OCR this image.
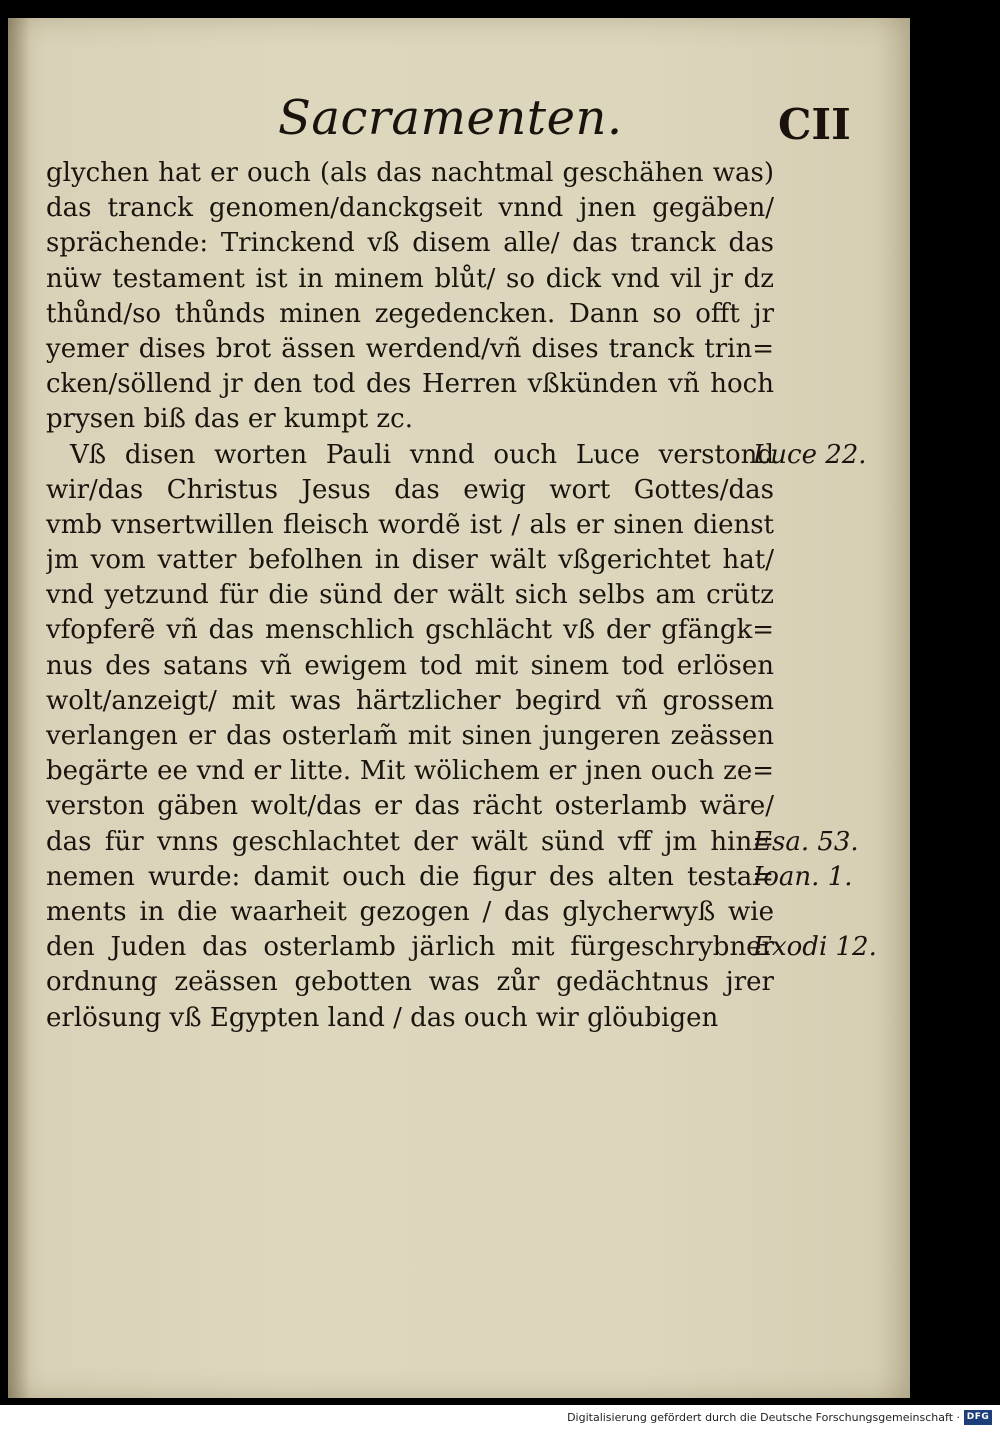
Sacramenten.	CII
glychen hat er ouch (als das nachtmal geschähen was)
das tranck genomen/danckgseit vnnd jnen gegäben/
sprächende: Trinckend vß disem alle/ das tranck das
nüw testament ist in minem blůt/ so dick vnd vil jr dz
thůnd/so thůnds minen zegedencken. Dann so offt jr
yemer dises brot ässen werdend/vñ dises tranck trin=
cken/söllend jr den tod des Herren vßkünden vñ hoch
prysen biß das er kumpt zc.
Vß disen worten Pauli vnnd ouch Luce verstond
wir/das Christus Jesus das ewig wort Gottes/das
vmb vnsertwillen fleisch wordẽ ist / als er sinen dienst
jm vom vatter befolhen in diser wält vßgerichtet hat/
vnd yetzund für die sünd der wält sich selbs am crütz
vfopferẽ vñ das menschlich gschlächt vß der gfängk=
nus des satans vñ ewigem tod mit sinem tod erlösen
wolt/anzeigt/ mit was härtzlicher begird vñ grossem
verlangen er das osterlam̃ mit sinen jungeren zeässen
begärte ee vnd er litte. Mit wölichem er jnen ouch ze=
verston gäben wolt/das er das rächt osterlamb wäre/
das für vnns geschlachtet der wält sünd vff jm hin=
nemen wurde: damit ouch die figur des alten testa=
ments in die waarheit gezogen / das glycherwyß wie
den Juden das osterlamb järlich mit fürgeschrybner
ordnung zeässen gebotten was zůr gedächtnus jrer
erlösung vß Egypten land / das ouch wir glöubigen
Luce 22.
Esa. 53.
Ioan. 1.
Exodi 12.
Digitalisierung gefördert durch die Deutsche Forschungsgemeinschaft · DFG
